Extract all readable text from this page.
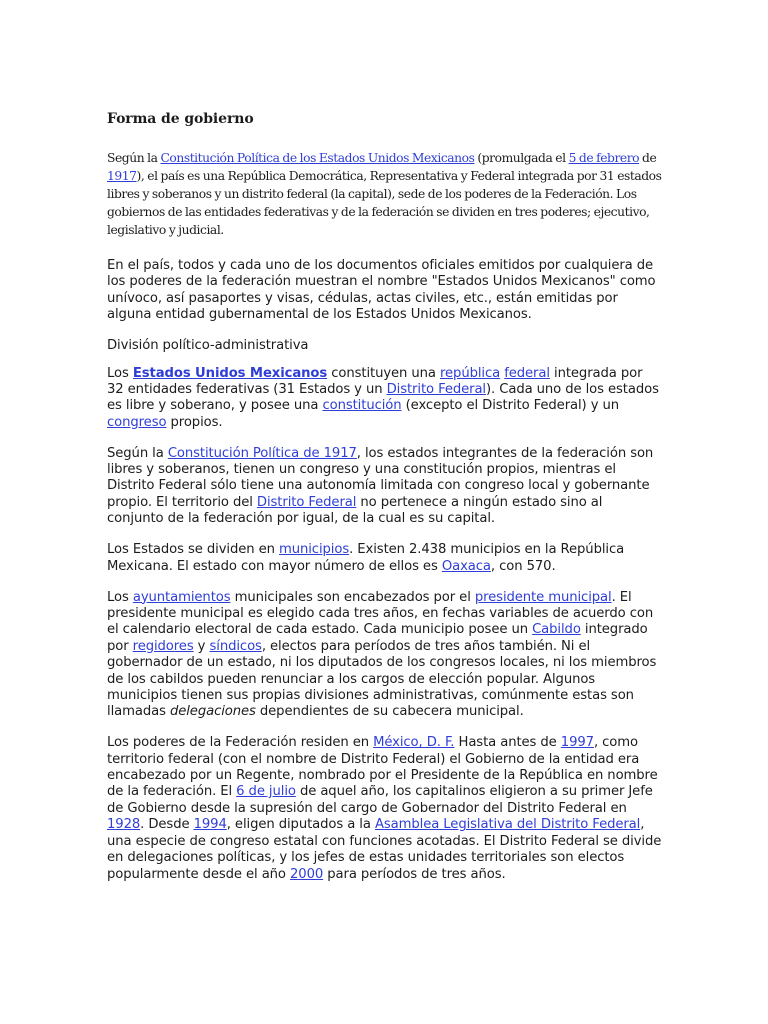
Forma de gobierno

Según la Constitución Política de los Estados Unidos Mexicanos (promulgada el 5 de febrero de 1917), el país es una República Democrática, Representativa y Federal integrada por 31 estados libres y soberanos y un distrito federal (la capital), sede de los poderes de la Federación. Los gobiernos de las entidades federativas y de la federación se dividen en tres poderes; ejecutivo, legislativo y judicial.

En el país, todos y cada uno de los documentos oficiales emitidos por cualquiera de los poderes de la federación muestran el nombre "Estados Unidos Mexicanos" como unívoco, así pasaportes y visas, cédulas, actas civiles, etc., están emitidas por alguna entidad gubernamental de los Estados Unidos Mexicanos.

División político-administrativa

Los Estados Unidos Mexicanos constituyen una república federal integrada por 32 entidades federativas (31 Estados y un Distrito Federal). Cada uno de los estados es libre y soberano, y posee una constitución (excepto el Distrito Federal) y un congreso propios.

Según la Constitución Política de 1917, los estados integrantes de la federación son libres y soberanos, tienen un congreso y una constitución propios, mientras el Distrito Federal sólo tiene una autonomía limitada con congreso local y gobernante propio. El territorio del Distrito Federal no pertenece a ningún estado sino al conjunto de la federación por igual, de la cual es su capital.

Los Estados se dividen en municipios. Existen 2.438 municipios en la República Mexicana. El estado con mayor número de ellos es Oaxaca, con 570.

Los ayuntamientos municipales son encabezados por el presidente municipal. El presidente municipal es elegido cada tres años, en fechas variables de acuerdo con el calendario electoral de cada estado. Cada municipio posee un Cabildo integrado por regidores y síndicos, electos para períodos de tres años también. Ni el gobernador de un estado, ni los diputados de los congresos locales, ni los miembros de los cabildos pueden renunciar a los cargos de elección popular. Algunos municipios tienen sus propias divisiones administrativas, comúnmente estas son llamadas delegaciones dependientes de su cabecera municipal.

Los poderes de la Federación residen en México, D. F. Hasta antes de 1997, como territorio federal (con el nombre de Distrito Federal) el Gobierno de la entidad era encabezado por un Regente, nombrado por el Presidente de la República en nombre de la federación. El 6 de julio de aquel año, los capitalinos eligieron a su primer Jefe de Gobierno desde la supresión del cargo de Gobernador del Distrito Federal en 1928. Desde 1994, eligen diputados a la Asamblea Legislativa del Distrito Federal, una especie de congreso estatal con funciones acotadas. El Distrito Federal se divide en delegaciones políticas, y los jefes de estas unidades territoriales son electos popularmente desde el año 2000 para períodos de tres años.
